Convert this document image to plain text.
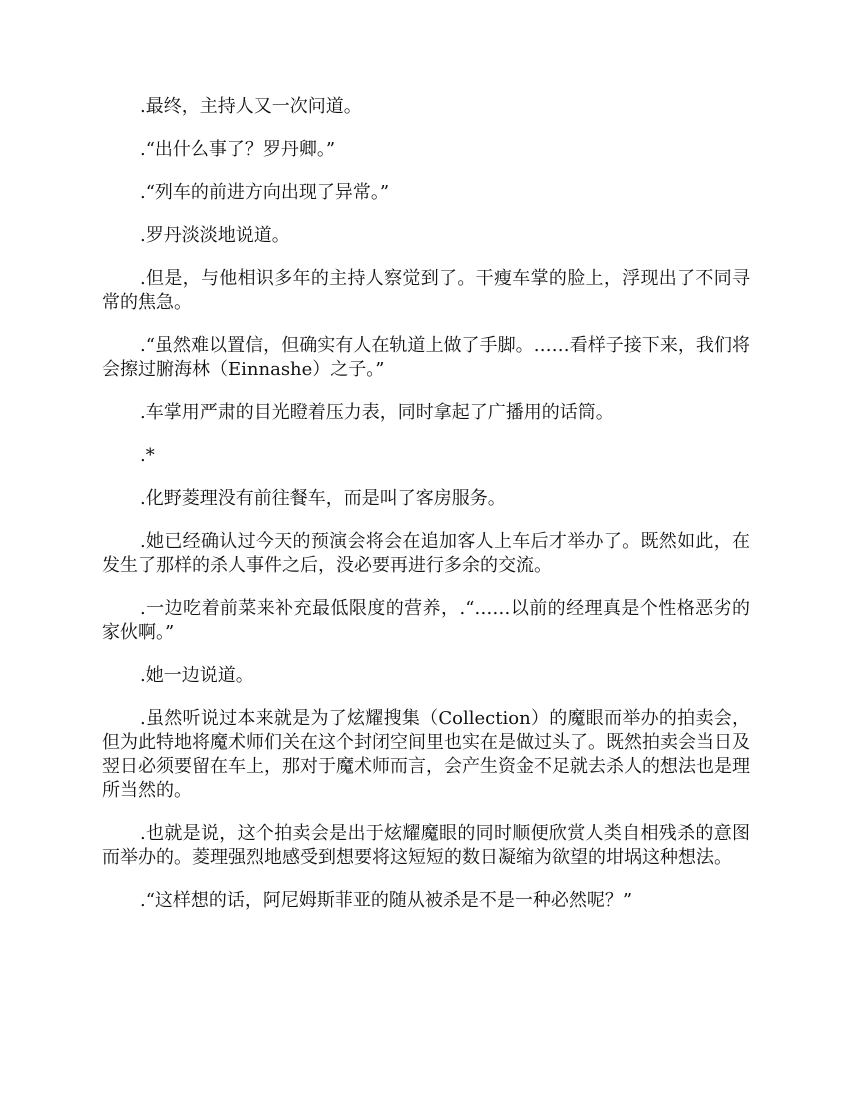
.最终，主持人又一次问道。

.“出什么事了？罗丹卿。”

.“列车的前进方向出现了异常。”

.罗丹淡淡地说道。

.但是，与他相识多年的主持人察觉到了。干瘦车掌的脸上，浮现出了不同寻常的焦急。

.“虽然难以置信，但确实有人在轨道上做了手脚。……看样子接下来，我们将会擦过腑海林（Einnashe）之子。”

.车掌用严肃的目光瞪着压力表，同时拿起了广播用的话筒。

.*

.化野菱理没有前往餐车，而是叫了客房服务。

.她已经确认过今天的预演会将会在追加客人上车后才举办了。既然如此，在发生了那样的杀人事件之后，没必要再进行多余的交流。

.一边吃着前菜来补充最低限度的营养，.“……以前的经理真是个性格恶劣的家伙啊。”

.她一边说道。

.虽然听说过本来就是为了炫耀搜集（Collection）的魔眼而举办的拍卖会，但为此特地将魔术师们关在这个封闭空间里也实在是做过头了。既然拍卖会当日及翌日必须要留在车上，那对于魔术师而言，会产生资金不足就去杀人的想法也是理所当然的。

.也就是说，这个拍卖会是出于炫耀魔眼的同时顺便欣赏人类自相残杀的意图而举办的。菱理强烈地感受到想要将这短短的数日凝缩为欲望的坩埚这种想法。

.“这样想的话，阿尼姆斯菲亚的随从被杀是不是一种必然呢？”
